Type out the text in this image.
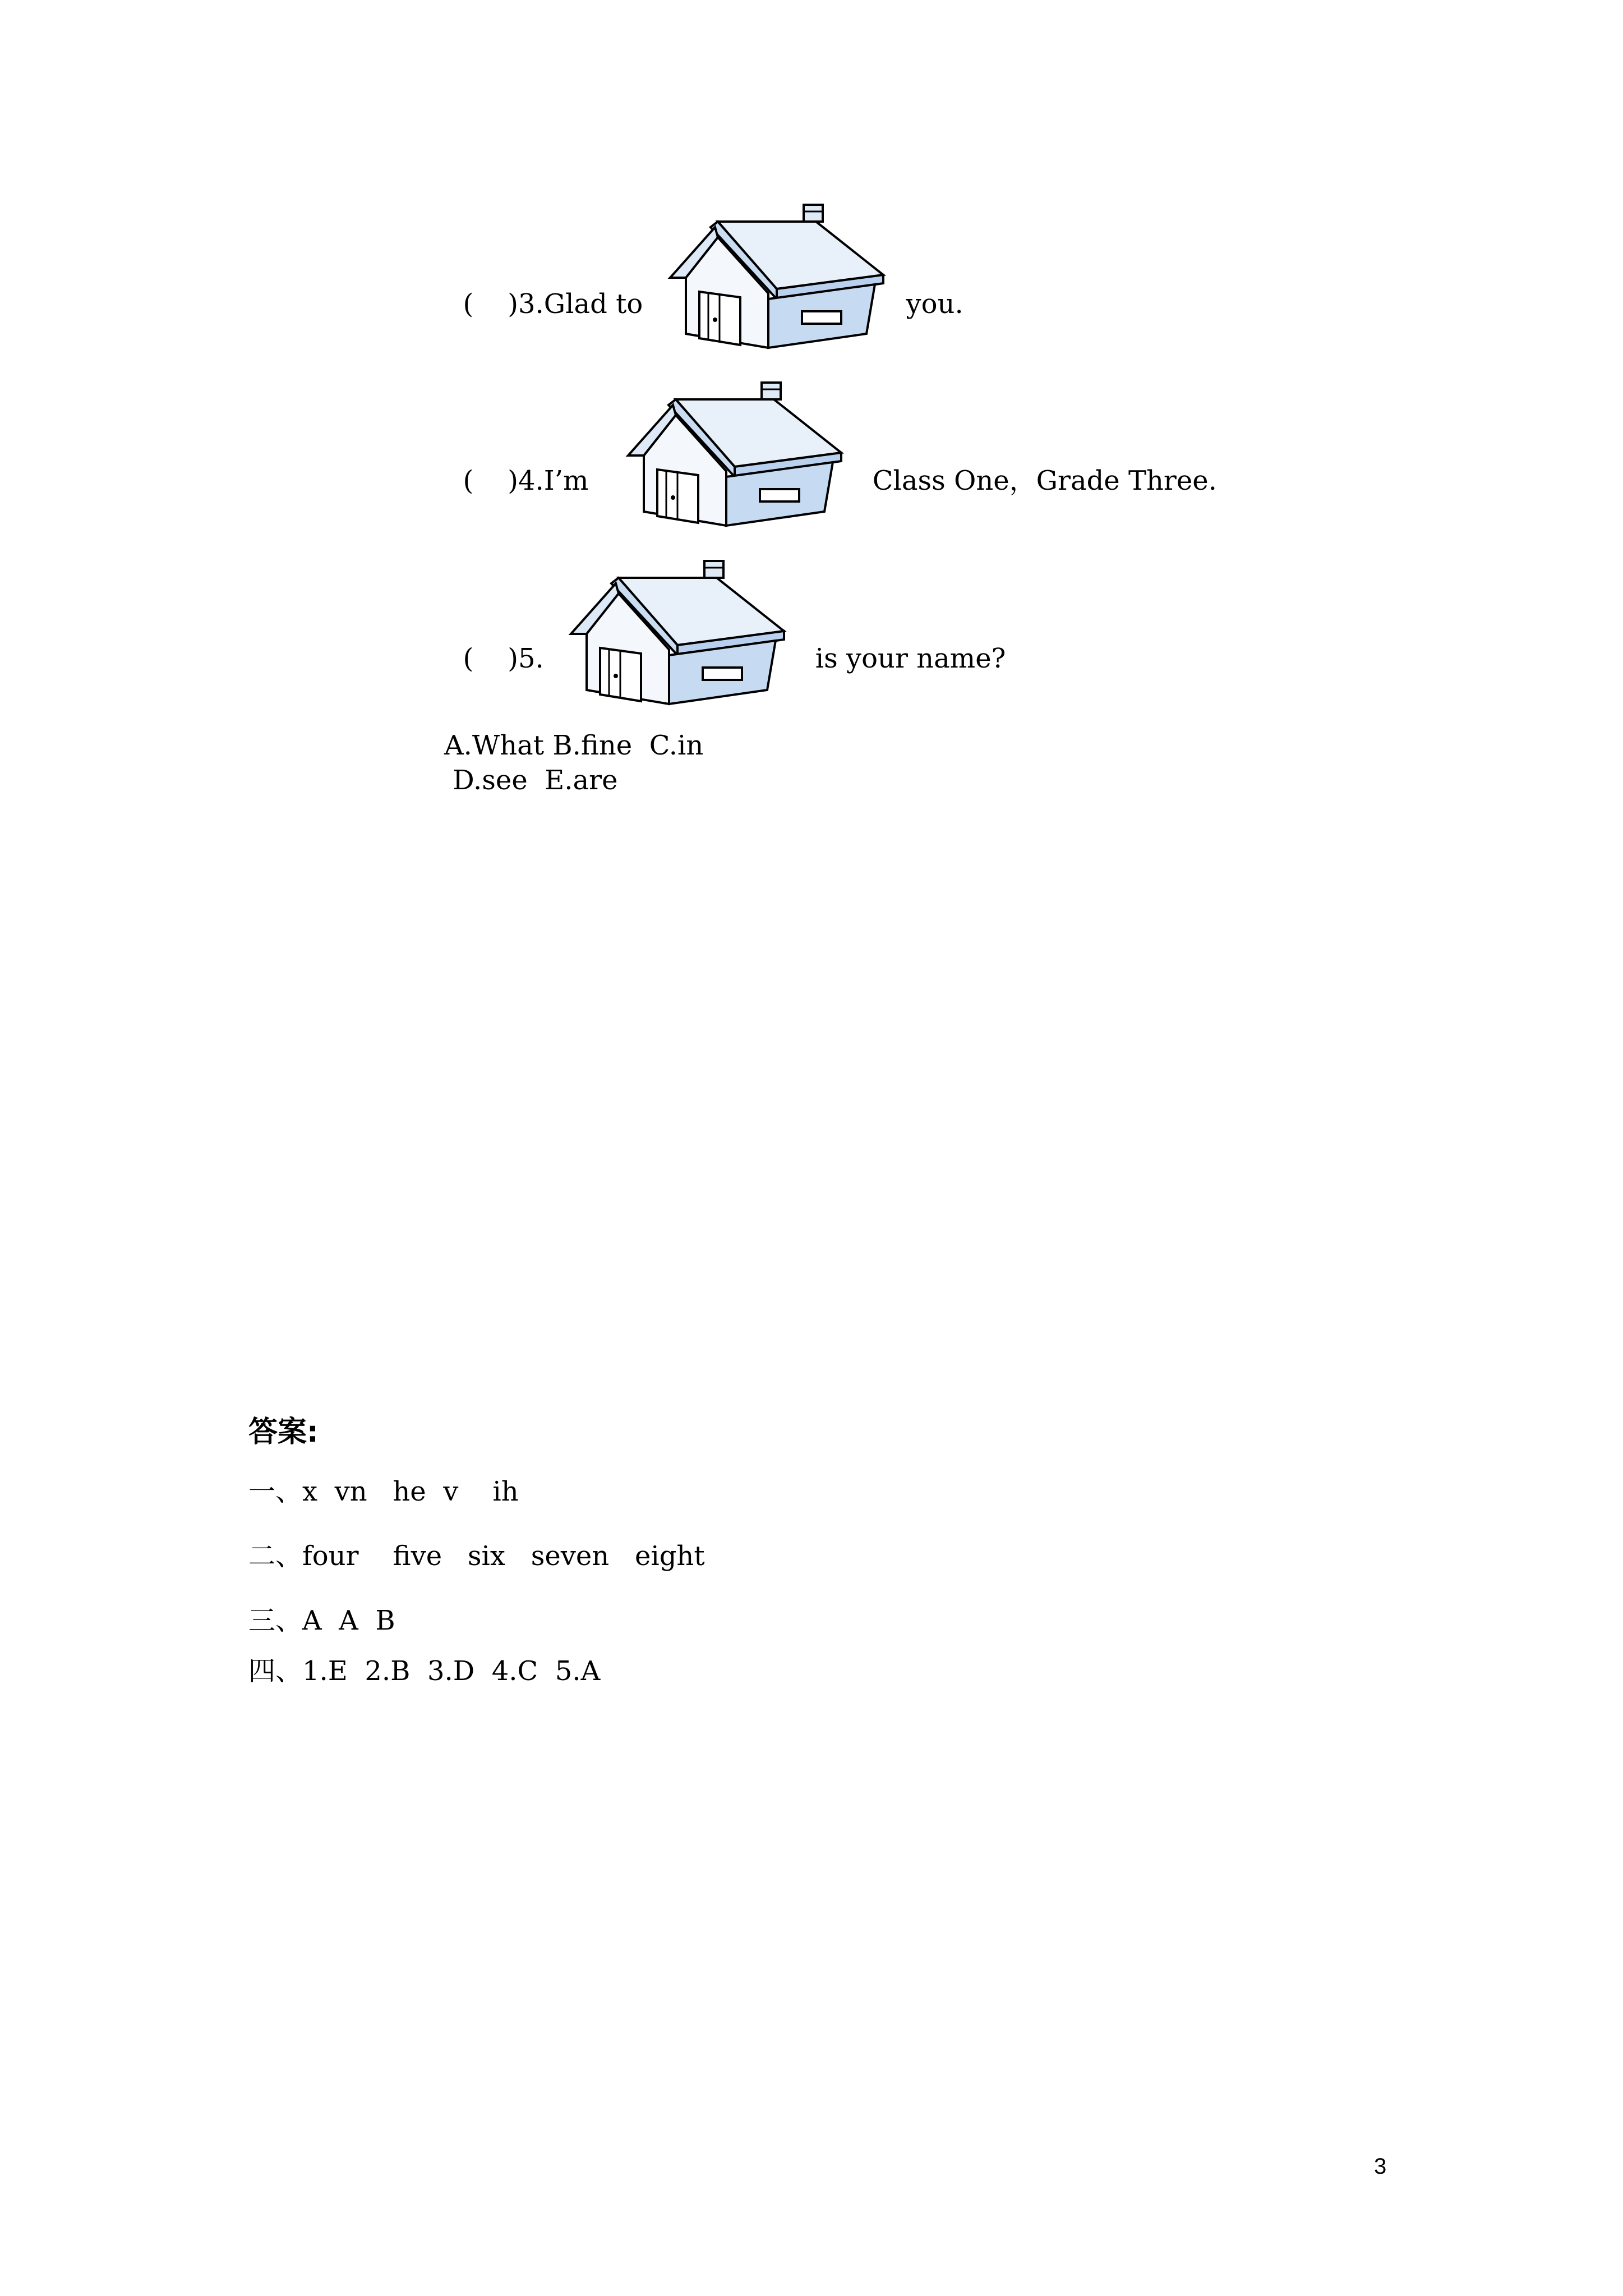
(    )3.Glad to	you.

(    )4.I’m	Class One，Grade Three.

(    )5.	is your name?

A.What B.fine  C.in
D.see  E.are
答案:
一、x  vn   he  v    ih
二、four    five   six   seven   eight
三、A  A  B
四、1.E  2.B  3.D  4.C  5.A
3
